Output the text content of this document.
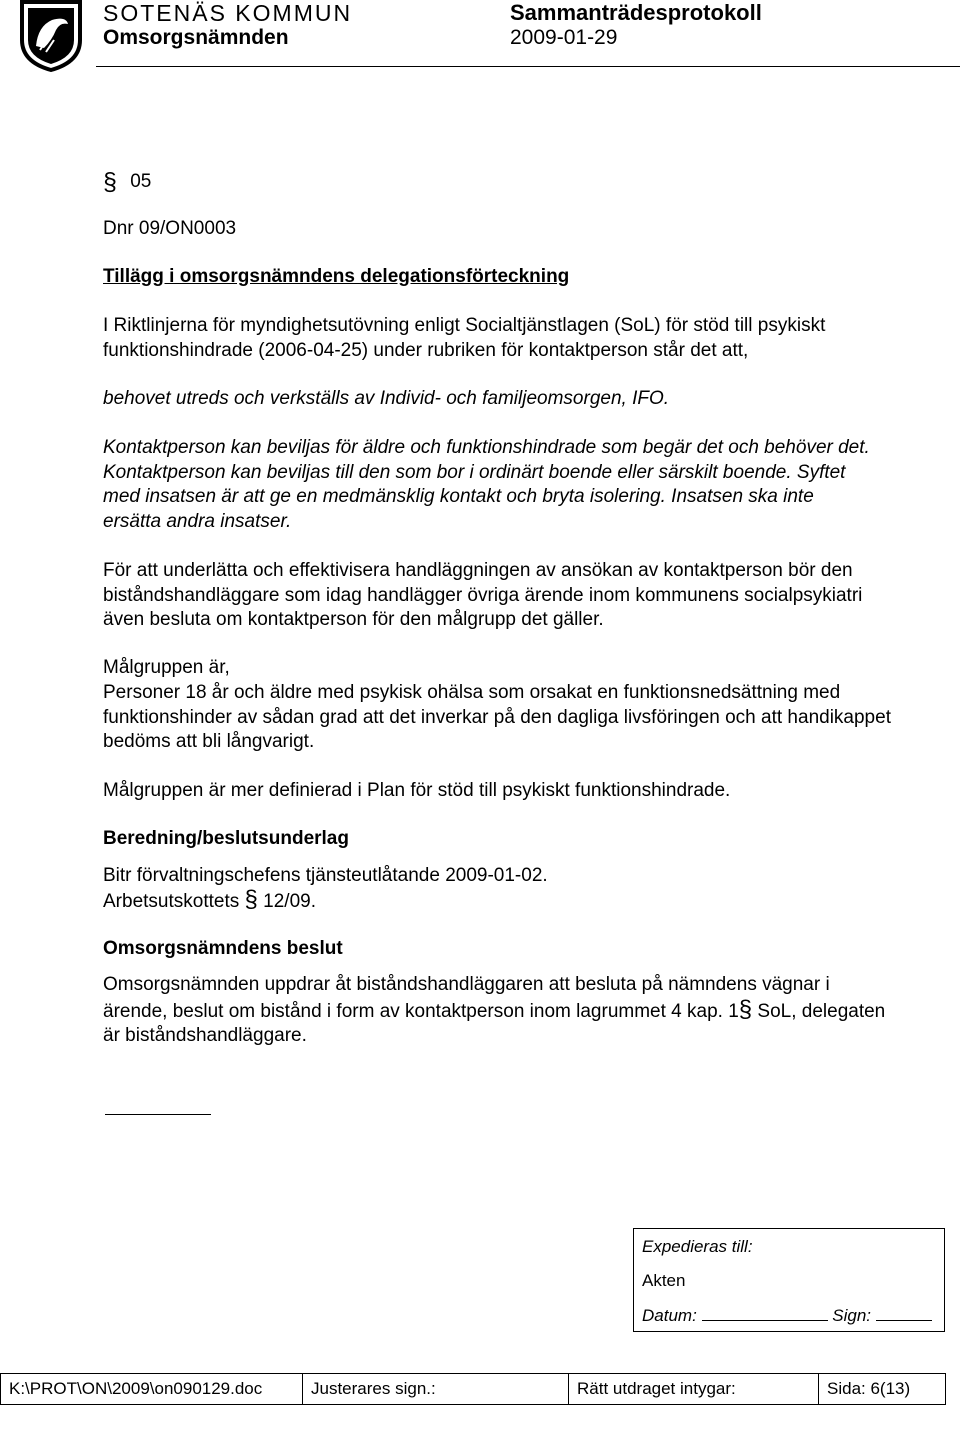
SOTENÄS KOMMUN	Sammanträdesprotokoll
Omsorgsnämnden	2009-01-29
§ 05
Dnr 09/ON0003
Tillägg i omsorgsnämndens delegationsförteckning
I Riktlinjerna för myndighetsutövning enligt Socialtjänstlagen (SoL) för stöd till psykiskt funktionshindrade (2006-04-25) under rubriken för kontaktperson står det att,
behovet utreds och verkställs av Individ- och familjeomsorgen, IFO.
Kontaktperson kan beviljas för äldre och funktionshindrade som begär det och behöver det. Kontaktperson kan beviljas till den som bor i ordinärt boende eller särskilt boende. Syftet med insatsen är att ge en medmänsklig kontakt och bryta isolering. Insatsen ska inte ersätta andra insatser.
För att underlätta och effektivisera handläggningen av ansökan av kontaktperson bör den biståndshandläggare som idag handlägger övriga ärende inom kommunens socialpsykiatri även besluta om kontaktperson för den målgrupp det gäller.
Målgruppen är,
Personer 18 år och äldre med psykisk ohälsa som orsakat en funktionsnedsättning med funktionshinder av sådan grad att det inverkar på den dagliga livsföringen och att handikappet bedöms att bli långvarigt.
Målgruppen är mer definierad i Plan för stöd till psykiskt funktionshindrade.
Beredning/beslutsunderlag
Bitr förvaltningschefens tjänsteutlåtande 2009-01-02.
Arbetsutskottets § 12/09.
Omsorgsnämndens beslut
Omsorgsnämnden uppdrar åt biståndshandläggaren att besluta på nämndens vägnar i ärende, beslut om bistånd i form av kontaktperson inom lagrummet 4 kap. 1§ SoL, delegaten är biståndshandläggare.
Expedieras till:
Akten
Datum:	Sign:
K:\PROT\ON\2009\on090129.doc	Justerares sign.:	Rätt utdraget intygar:	Sida: 6(13)
